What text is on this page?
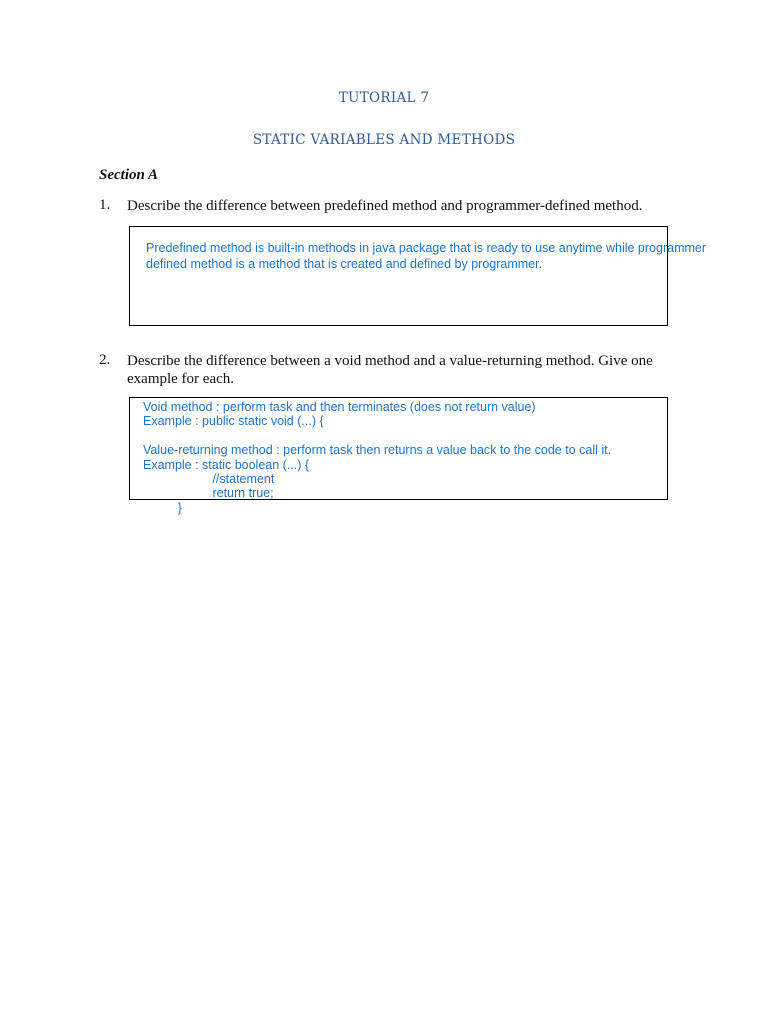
TUTORIAL 7
STATIC VARIABLES AND METHODS
Section A
1. Describe the difference between predefined method and programmer-defined method.
Predefined method is built-in methods in java package that is ready to use anytime while programmer
defined method is a method that is created and defined by programmer.
2. Describe the difference between a void method and a value-returning method. Give one example for each.
Void method : perform task and then terminates (does not return value)
Example : public static void (...) {

Value-returning method : perform task then returns a value back to the code to call it.
Example : static boolean (...) {
//statement
return true;
}
